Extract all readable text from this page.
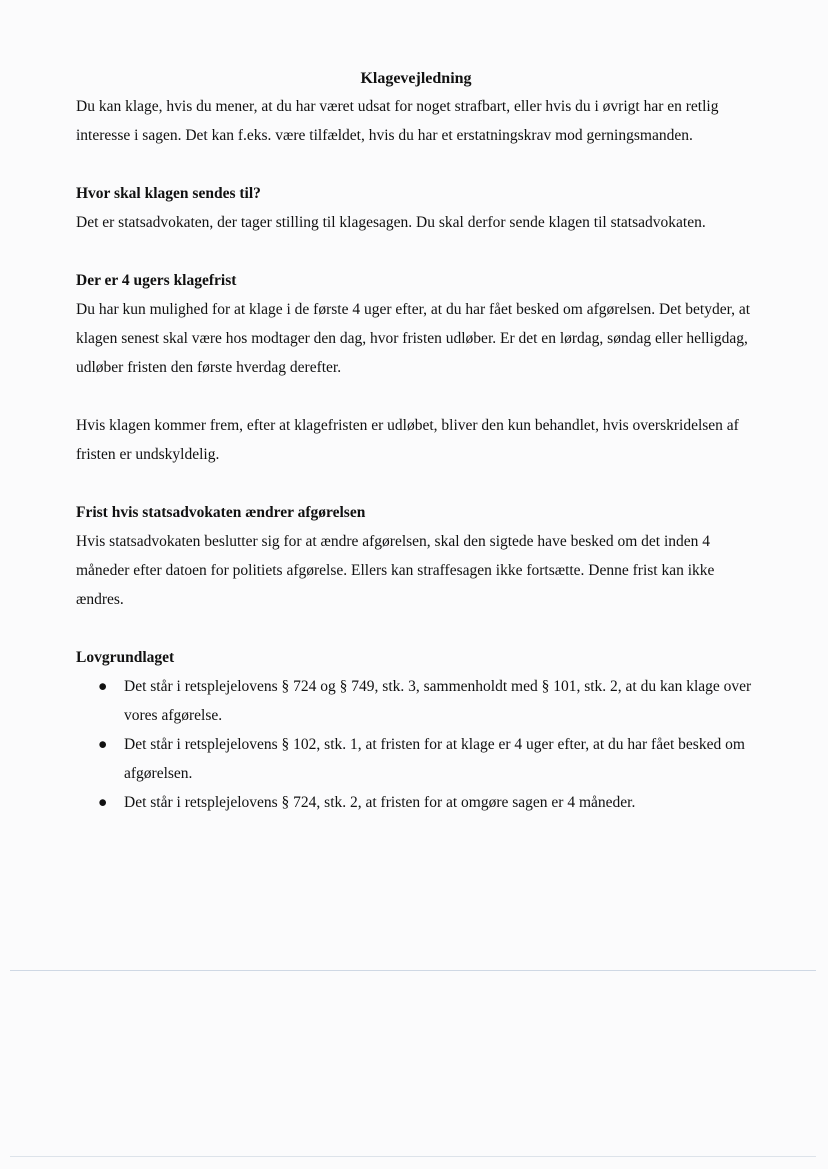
Klagevejledning

Du kan klage, hvis du mener, at du har været udsat for noget strafbart, eller hvis du i øvrigt har en retlig interesse i sagen. Det kan f.eks. være tilfældet, hvis du har et erstatningskrav mod gerningsmanden.

Hvor skal klagen sendes til?

Det er statsadvokaten, der tager stilling til klagesagen. Du skal derfor sende klagen til statsadvokaten.

Der er 4 ugers klagefrist

Du har kun mulighed for at klage i de første 4 uger efter, at du har fået besked om afgørelsen. Det betyder, at klagen senest skal være hos modtager den dag, hvor fristen udløber. Er det en lørdag, søndag eller helligdag, udløber fristen den første hverdag derefter.

Hvis klagen kommer frem, efter at klagefristen er udløbet, bliver den kun behandlet, hvis overskridelsen af fristen er undskyldelig.

Frist hvis statsadvokaten ændrer afgørelsen

Hvis statsadvokaten beslutter sig for at ændre afgørelsen, skal den sigtede have besked om det inden 4 måneder efter datoen for politiets afgørelse. Ellers kan straffesagen ikke fortsætte. Denne frist kan ikke ændres.

Lovgrundlaget

● Det står i retsplejelovens § 724 og § 749, stk. 3, sammenholdt med § 101, stk. 2, at du kan klage over vores afgørelse.
● Det står i retsplejelovens § 102, stk. 1, at fristen for at klage er 4 uger efter, at du har fået besked om afgørelsen.
● Det står i retsplejelovens § 724, stk. 2, at fristen for at omgøre sagen er 4 måneder.
